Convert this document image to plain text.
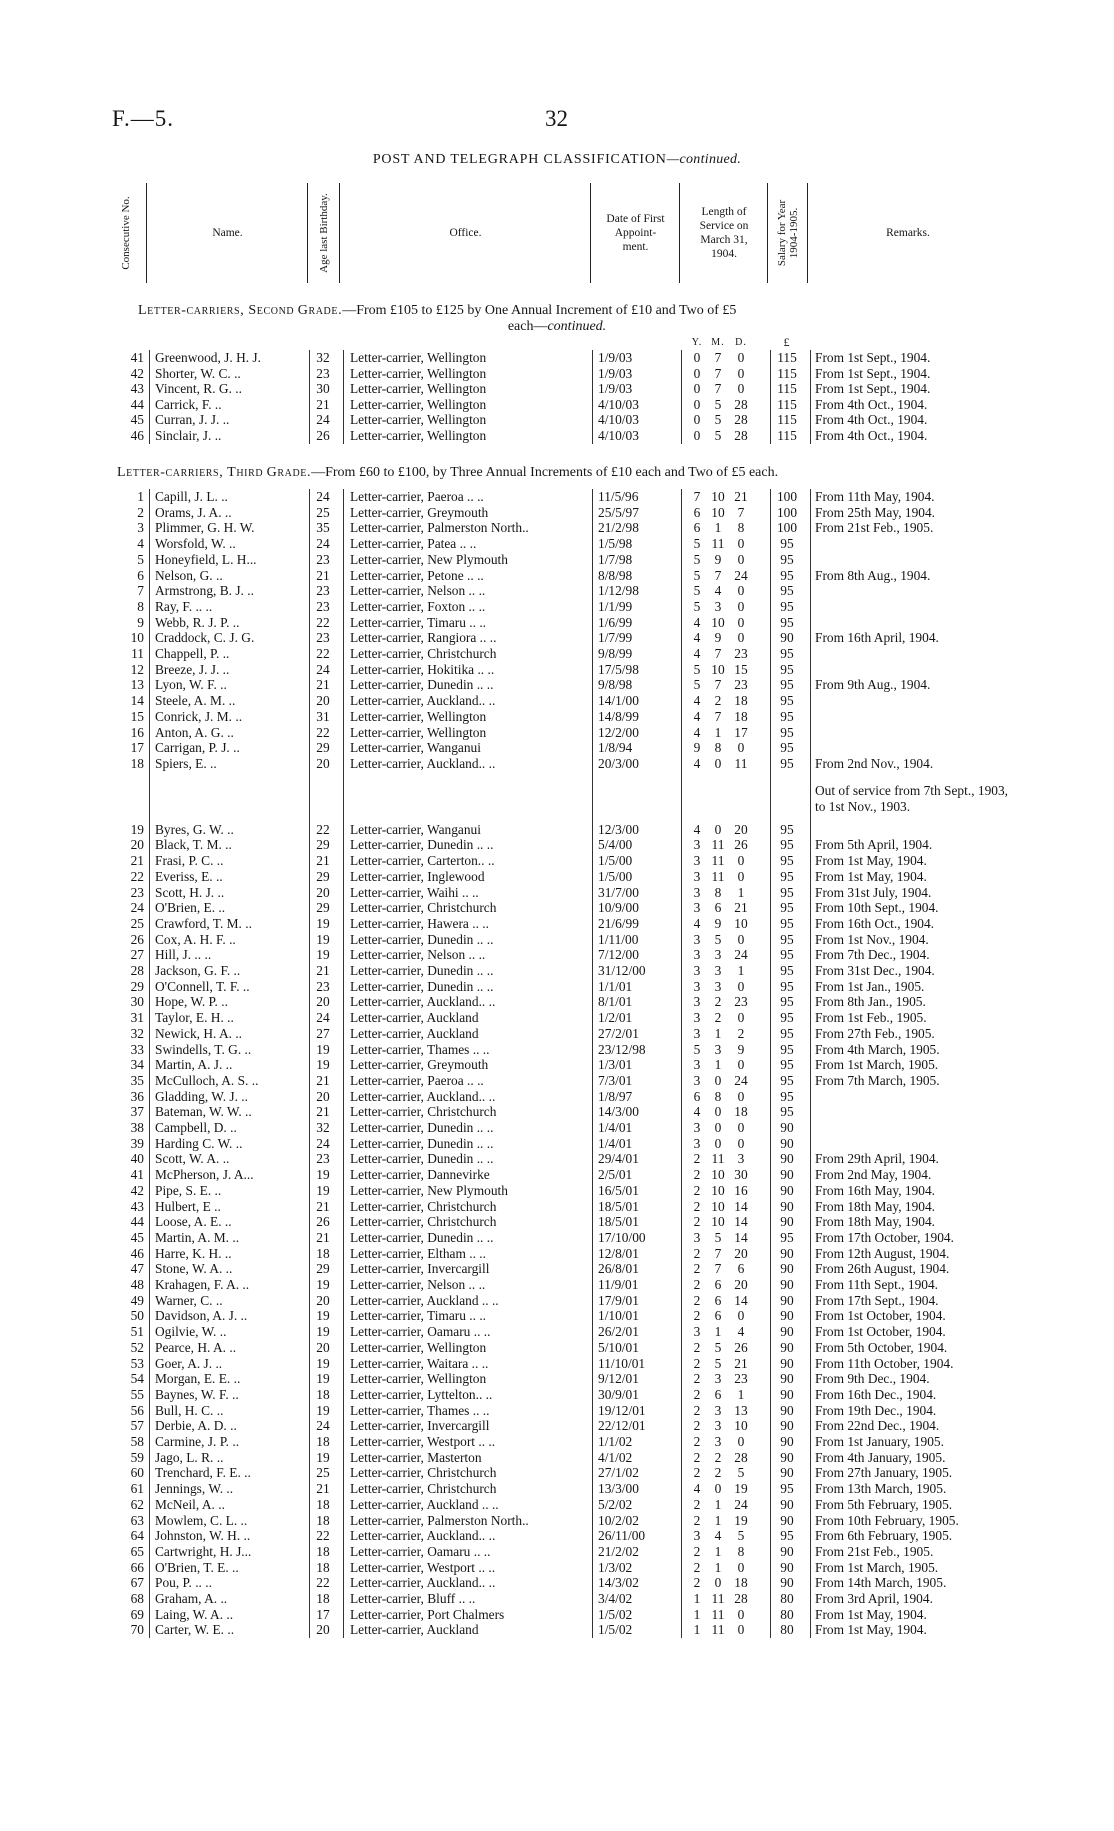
F.—5.	32
POST AND TELEGRAPH CLASSIFICATION—continued.
Consecutive No.	Name.	Age last Birthday.	Office.
Date of First Appoint-ment.
Length of Service on March 31, 1904.	Salary for Year 1904-1905.	Remarks.
Letter-carriers, Second Grade.—From £105 to £125 by One Annual Increment of £10 and Two of £5
each—continued.
Y. M.	D.	£
41 Greenwood, J. H. J.	32 Letter-carrier, Wellington	1/9/03	0	7	0	115	From 1st Sept., 1904.
42 Shorter, W. C. ..	23 Letter-carrier, Wellington	1/9/03	0	7	0	115	From 1st Sept., 1904.
43 Vincent, R. G. ..	30 Letter-carrier, Wellington	1/9/03	0	7	0	115	From 1st Sept., 1904.
44 Carrick, F. ..	21 Letter-carrier, Wellington	4/10/03	0	5 28	115	From 4th Oct., 1904.
45 Curran, J. J. ..	24 Letter-carrier, Wellington	4/10/03	0	5 28	115	From 4th Oct., 1904.
46 Sinclair, J. ..	26 Letter-carrier, Wellington	4/10/03	0	5 28	115	From 4th Oct., 1904.
Letter-carriers, Third Grade.—From £60 to £100, by Three Annual Increments of £10 each and Two of £5 each.
1 Capill, J. L. ..	24 Letter-carrier, Paeroa .. ..	11/5/96	7 10 21	100	From 11th May, 1904.
2 Orams, J. A. ..	25 Letter-carrier, Greymouth	25/5/97	6 10 7	100	From 25th May, 1904.
3 Plimmer, G. H. W.	35 Letter-carrier, Palmerston North..	21/2/98	6	1	8	100	From 21st Feb., 1905.
4 Worsfold, W. ..	24 Letter-carrier, Patea .. ..	1/5/98	5 11 0	95
5 Honeyfield, L. H...	23 Letter-carrier, New Plymouth	1/7/98	5	9	0	95
6 Nelson, G. ..	21 Letter-carrier, Petone .. ..	8/8/98	5	7 24	95	From 8th Aug., 1904.
7 Armstrong, B. J. ..	23 Letter-carrier, Nelson .. ..	1/12/98	5	4	0	95
8 Ray, F. .. ..	23 Letter-carrier, Foxton .. ..	1/1/99	5	3	0	95
9 Webb, R. J. P. ..	22 Letter-carrier, Timaru .. ..	1/6/99	4 10 0	95
10 Craddock, C. J. G.	23 Letter-carrier, Rangiora .. ..	1/7/99	4	9	0	90	From 16th April, 1904.
11 Chappell, P. ..	22 Letter-carrier, Christchurch	9/8/99	4	7 23	95
12 Breeze, J. J. ..	24 Letter-carrier, Hokitika .. ..	17/5/98	5 10 15	95
13 Lyon, W. F. ..	21 Letter-carrier, Dunedin .. ..	9/8/98	5	7 23	95	From 9th Aug., 1904.
14 Steele, A. M. ..	20 Letter-carrier, Auckland.. ..	14/1/00	4	2 18	95
15 Conrick, J. M. ..	31 Letter-carrier, Wellington	14/8/99	4	7 18	95
16 Anton, A. G. ..	22 Letter-carrier, Wellington	12/2/00	4	1 17	95
17 Carrigan, P. J. ..	29 Letter-carrier, Wanganui	1/8/94	9	8	0	95
18 Spiers, E. ..	20 Letter-carrier, Auckland.. ..	20/3/00	4	0 11	95	From 2nd Nov., 1904.
19 Byres, G. W. ..	22 Letter-carrier, Wanganui	12/3/00	4	0 20	95
20 Black, T. M. ..	29 Letter-carrier, Dunedin .. ..	5/4/00	3 11 26	95	From 5th April, 1904.
21 Frasi, P. C. ..	21 Letter-carrier, Carterton.. ..	1/5/00	3 11 0	95	From 1st May, 1904.
22 Everiss, E. ..	29 Letter-carrier, Inglewood	1/5/00	3 11 0	95	From 1st May, 1904.
23 Scott, H. J. ..	20 Letter-carrier, Waihi .. ..	31/7/00	3	8	1	95	From 31st July, 1904.
24 O'Brien, E. ..	29 Letter-carrier, Christchurch	10/9/00	3	6 21	95	From 10th Sept., 1904.
25 Crawford, T. M. ..	19 Letter-carrier, Hawera .. ..	21/6/99	4	9 10	95	From 16th Oct., 1904.
26 Cox, A. H. F. ..	19 Letter-carrier, Dunedin .. ..	1/11/00	3	5	0	95	From 1st Nov., 1904.
27 Hill, J. .. ..	19 Letter-carrier, Nelson .. ..	7/12/00	3	3 24	95	From 7th Dec., 1904.
28 Jackson, G. F. ..	21 Letter-carrier, Dunedin .. ..	31/12/00	3	3	1	95	From 31st Dec., 1904.
29 O'Connell, T. F. ..	23 Letter-carrier, Dunedin .. ..	1/1/01	3	3	0	95	From 1st Jan., 1905.
30 Hope, W. P. ..	20 Letter-carrier, Auckland.. ..	8/1/01	3	2 23	95	From 8th Jan., 1905.
31 Taylor, E. H. ..	24 Letter-carrier, Auckland	1/2/01	3	2	0	95	From 1st Feb., 1905.
32 Newick, H. A. ..	27 Letter-carrier, Auckland	27/2/01	3	1	2	95	From 27th Feb., 1905.
33 Swindells, T. G. ..	19 Letter-carrier, Thames .. ..	23/12/98	5	3	9	95	From 4th March, 1905.
34 Martin, A. J. ..	19 Letter-carrier, Greymouth	1/3/01	3	1	0	95	From 1st March, 1905.
35 McCulloch, A. S. ..	21 Letter-carrier, Paeroa .. ..	7/3/01	3	0 24	95	From 7th March, 1905.
36 Gladding, W. J. ..	20 Letter-carrier, Auckland.. ..	1/8/97	6	8	0	95
37 Bateman, W. W. ..	21 Letter-carrier, Christchurch	14/3/00	4	0 18	95
38 Campbell, D. ..	32 Letter-carrier, Dunedin .. ..	1/4/01	3	0	0	90
39 Harding C. W. ..	24 Letter-carrier, Dunedin .. ..	1/4/01	3	0	0	90
40 Scott, W. A. ..	23 Letter-carrier, Dunedin .. ..	29/4/01	2 11 3	90	From 29th April, 1904.
41 McPherson, J. A...	19 Letter-carrier, Dannevirke	2/5/01	2 10 30	90	From 2nd May, 1904.
42 Pipe, S. E. ..	19 Letter-carrier, New Plymouth	16/5/01	2 10 16	90	From 16th May, 1904.
43 Hulbert, E ..	21 Letter-carrier, Christchurch	18/5/01	2 10 14	90	From 18th May, 1904.
44 Loose, A. E. ..	26 Letter-carrier, Christchurch	18/5/01	2 10 14	90	From 18th May, 1904.
45 Martin, A. M. ..	21 Letter-carrier, Dunedin .. ..	17/10/00	3	5 14	95	From 17th October, 1904.
46 Harre, K. H. ..	18 Letter-carrier, Eltham .. ..	12/8/01	2	7 20	90	From 12th August, 1904.
47 Stone, W. A. ..	29 Letter-carrier, Invercargill	26/8/01	2	7	6	90	From 26th August, 1904.
48 Krahagen, F. A. ..	19 Letter-carrier, Nelson .. ..	11/9/01	2	6 20	90	From 11th Sept., 1904.
49 Warner, C. ..	20 Letter-carrier, Auckland .. ..	17/9/01	2	6 14	90	From 17th Sept., 1904.
50 Davidson, A. J. ..	19 Letter-carrier, Timaru .. ..	1/10/01	2	6	0	90	From 1st October, 1904.
51 Ogilvie, W. ..	19 Letter-carrier, Oamaru .. ..	26/2/01	3	1	4	90	From 1st October, 1904.
52 Pearce, H. A. ..	20 Letter-carrier, Wellington	5/10/01	2	5 26	90	From 5th October, 1904.
53 Goer, A. J. ..	19 Letter-carrier, Waitara .. ..	11/10/01	2	5 21	90	From 11th October, 1904.
54 Morgan, E. E. ..	19 Letter-carrier, Wellington	9/12/01	2	3 23	90	From 9th Dec., 1904.
55 Baynes, W. F. ..	18 Letter-carrier, Lyttelton.. ..	30/9/01	2	6	1	90	From 16th Dec., 1904.
56 Bull, H. C. ..	19 Letter-carrier, Thames .. ..	19/12/01	2	3 13	90	From 19th Dec., 1904.
57 Derbie, A. D. ..	24 Letter-carrier, Invercargill	22/12/01	2	3 10	90	From 22nd Dec., 1904.
58 Carmine, J. P. ..	18 Letter-carrier, Westport .. ..	1/1/02	2	3	0	90	From 1st January, 1905.
59 Jago, L. R. ..	19 Letter-carrier, Masterton	4/1/02	2	2 28	90	From 4th January, 1905.
60 Trenchard, F. E. ..	25 Letter-carrier, Christchurch	27/1/02	2	2	5	90	From 27th January, 1905.
61 Jennings, W. ..	21 Letter-carrier, Christchurch	13/3/00	4	0 19	95	From 13th March, 1905.
62 McNeil, A. ..	18 Letter-carrier, Auckland .. ..	5/2/02	2	1 24	90	From 5th February, 1905.
63 Mowlem, C. L. ..	18 Letter-carrier, Palmerston North..	10/2/02	2	1 19	90	From 10th February, 1905.
64 Johnston, W. H. ..	22 Letter-carrier, Auckland.. ..	26/11/00	3	4	5	95	From 6th February, 1905.
65 Cartwright, H. J...	18 Letter-carrier, Oamaru .. ..	21/2/02	2	1	8	90	From 21st Feb., 1905.
66 O'Brien, T. E. ..	18 Letter-carrier, Westport .. ..	1/3/02	2	1	0	90	From 1st March, 1905.
67 Pou, P. .. ..	22 Letter-carrier, Auckland.. ..	14/3/02	2	0 18	90	From 14th March, 1905.
68 Graham, A. ..	18 Letter-carrier, Bluff .. ..	3/4/02	1 11 28	80	From 3rd April, 1904.
69 Laing, W. A. ..	17 Letter-carrier, Port Chalmers	1/5/02	1 11 0	80	From 1st May, 1904.
70 Carter, W. E. ..	20 Letter-carrier, Auckland	1/5/02	1 11 0	80	From 1st May, 1904.
Out of service from 7th Sept., 1903, to 1st Nov., 1903.
